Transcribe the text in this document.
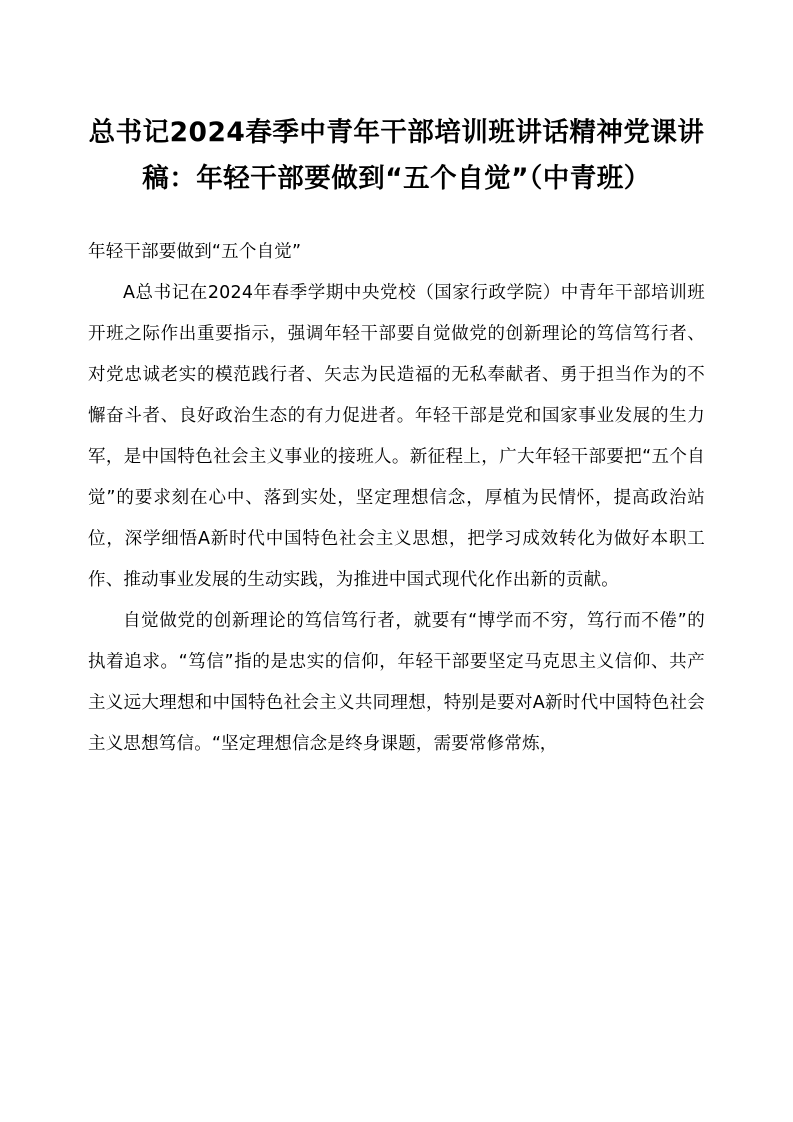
总书记2024春季中青年干部培训班讲话精神党课讲稿：年轻干部要做到“五个自觉”（中青班）

年轻干部要做到“五个自觉”

A总书记在2024年春季学期中央党校（国家行政学院）中青年干部培训班开班之际作出重要指示，强调年轻干部要自觉做党的创新理论的笃信笃行者、对党忠诚老实的模范践行者、矢志为民造福的无私奉献者、勇于担当作为的不懈奋斗者、良好政治生态的有力促进者。年轻干部是党和国家事业发展的生力军，是中国特色社会主义事业的接班人。新征程上，广大年轻干部要把“五个自觉”的要求刻在心中、落到实处，坚定理想信念，厚植为民情怀，提高政治站位，深学细悟A新时代中国特色社会主义思想，把学习成效转化为做好本职工作、推动事业发展的生动实践，为推进中国式现代化作出新的贡献。

自觉做党的创新理论的笃信笃行者，就要有“博学而不穷，笃行而不倦”的执着追求。“笃信”指的是忠实的信仰，年轻干部要坚定马克思主义信仰、共产主义远大理想和中国特色社会主义共同理想，特别是要对A新时代中国特色社会主义思想笃信。“坚定理想信念是终身课题，需要常修常炼，
